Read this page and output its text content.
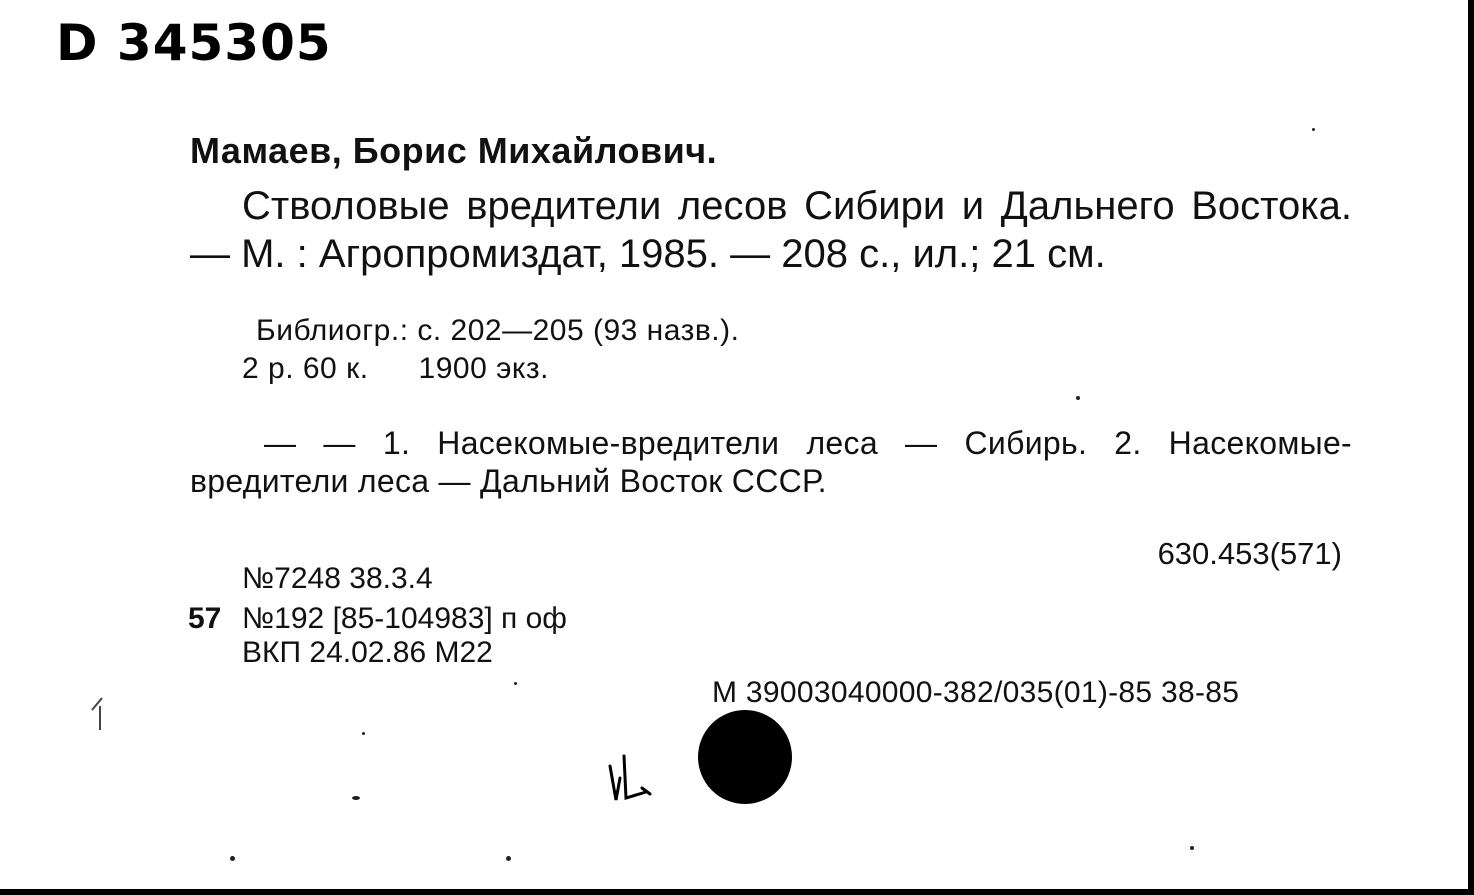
D 345305
Мамаев, Борис Михайлович.
Стволовые вредители лесов Сибири и Дальнего Востока. — М. : Агропромиздат, 1985. — 208 с., ил.; 21 см.
Библиогр.: с. 202—205 (93 назв.).
2 р. 60 к. 1900 экз.
— — 1. Насекомые-вредители леса — Сибирь. 2. Насекомые-вредители леса — Дальний Восток СССР.
630.453(571)
№7248 38.3.4
57 №192 [85-104983] п оф
ВКП 24.02.86 М22
М 39003040000-382/035(01)-85 38-85
